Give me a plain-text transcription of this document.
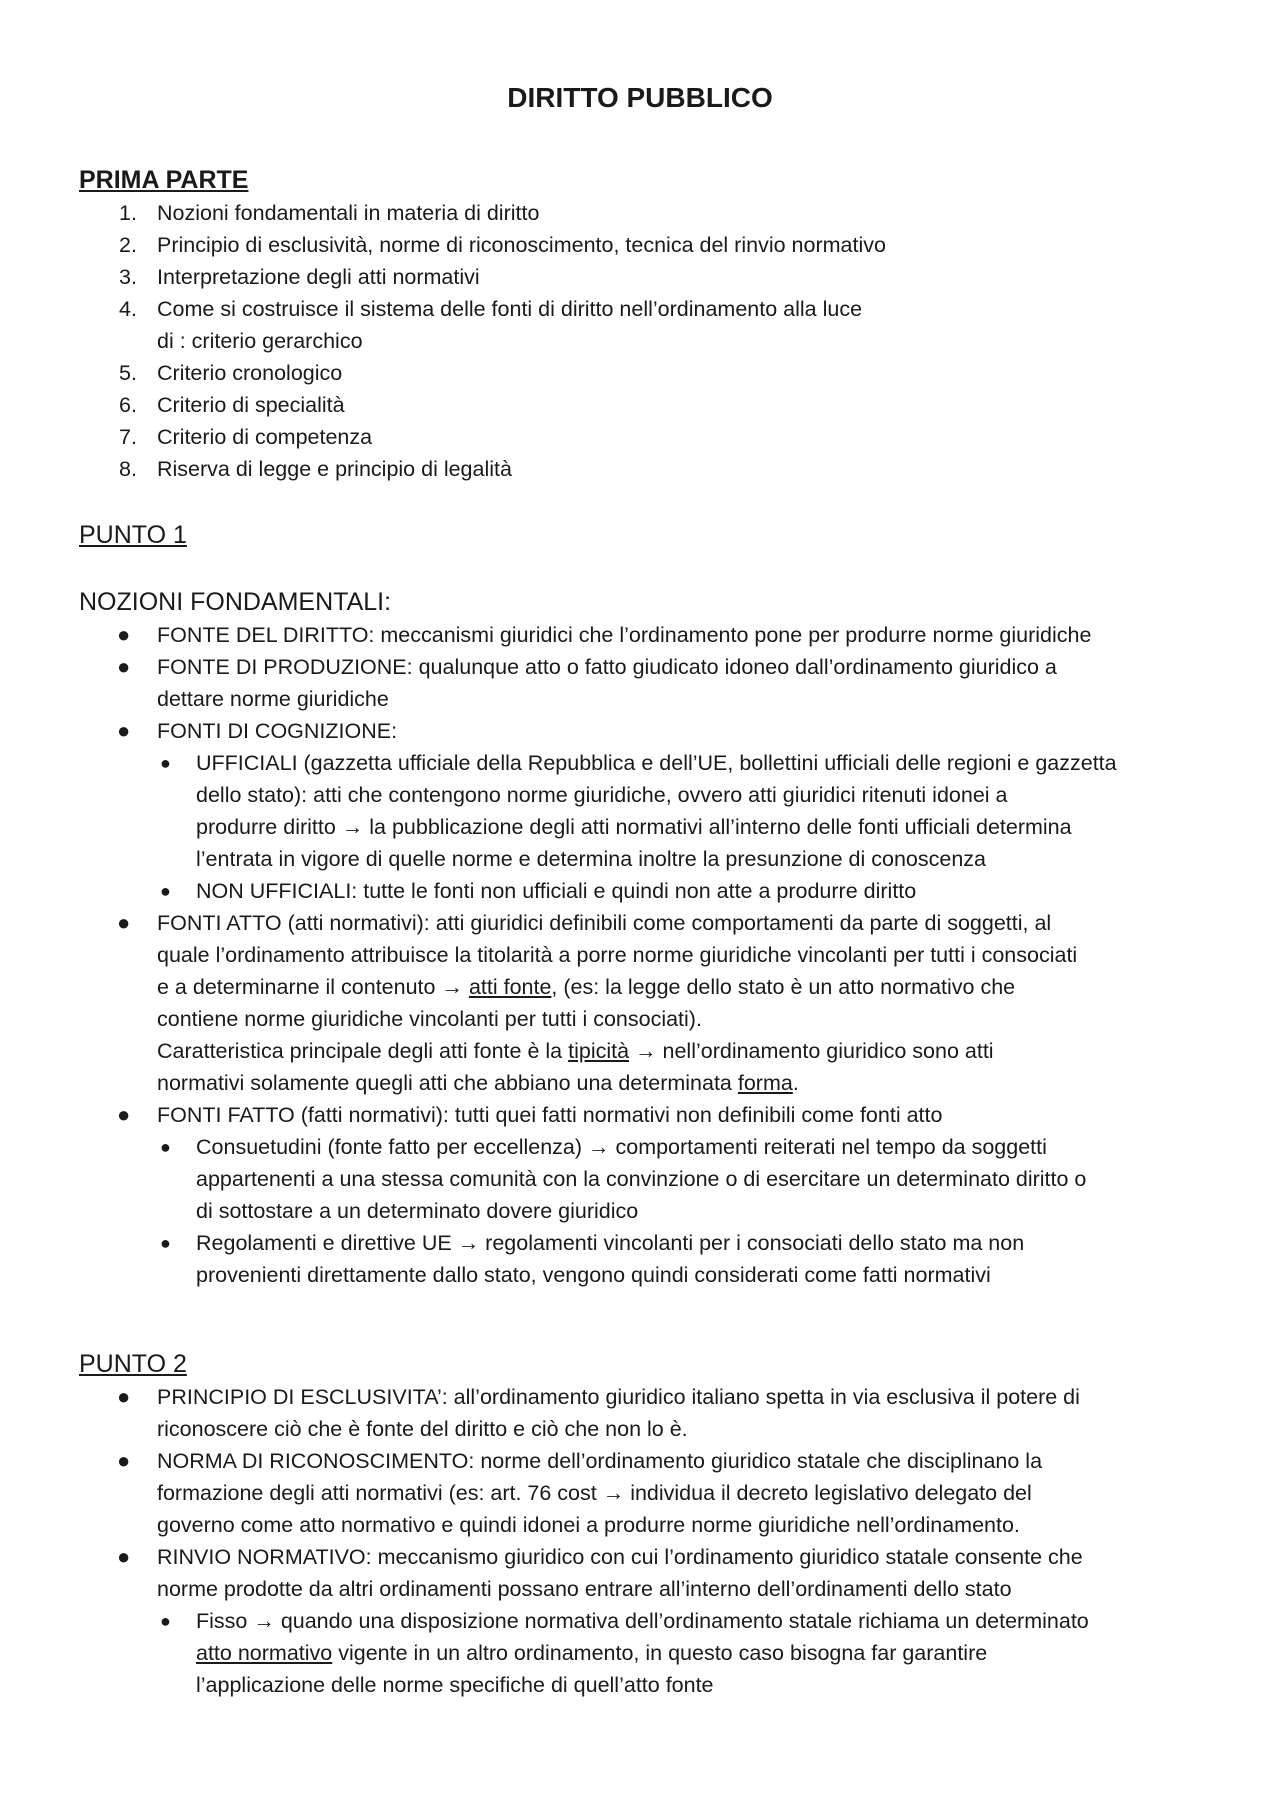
DIRITTO PUBBLICO
PRIMA PARTE
1. Nozioni fondamentali in materia di diritto
2. Principio di esclusività, norme di riconoscimento, tecnica del rinvio normativo
3. Interpretazione degli atti normativi
4. Come si costruisce il sistema delle fonti di diritto nell’ordinamento alla luce
di : criterio gerarchico
5. Criterio cronologico
6. Criterio di specialità
7. Criterio di competenza
8. Riserva di legge e principio di legalità
PUNTO 1
NOZIONI FONDAMENTALI:
● FONTE DEL DIRITTO: meccanismi giuridici che l’ordinamento pone per produrre norme giuridiche
● FONTE DI PRODUZIONE: qualunque atto o fatto giudicato idoneo dall’ordinamento giuridico a
dettare norme giuridiche
● FONTI DI COGNIZIONE:
● UFFICIALI (gazzetta ufficiale della Repubblica e dell’UE, bollettini ufficiali delle regioni e gazzetta
dello stato): atti che contengono norme giuridiche, ovvero atti giuridici ritenuti idonei a
produrre diritto → la pubblicazione degli atti normativi all’interno delle fonti ufficiali determina
l’entrata in vigore di quelle norme e determina inoltre la presunzione di conoscenza
● NON UFFICIALI: tutte le fonti non ufficiali e quindi non atte a produrre diritto
● FONTI ATTO (atti normativi): atti giuridici definibili come comportamenti da parte di soggetti, al
quale l’ordinamento attribuisce la titolarità a porre norme giuridiche vincolanti per tutti i consociati
e a determinarne il contenuto → atti fonte, (es: la legge dello stato è un atto normativo che
contiene norme giuridiche vincolanti per tutti i consociati).
Caratteristica principale degli atti fonte è la tipicità → nell’ordinamento giuridico sono atti
normativi solamente quegli atti che abbiano una determinata forma.
● FONTI FATTO (fatti normativi): tutti quei fatti normativi non definibili come fonti atto
● Consuetudini (fonte fatto per eccellenza) → comportamenti reiterati nel tempo da soggetti
appartenenti a una stessa comunità con la convinzione o di esercitare un determinato diritto o
di sottostare a un determinato dovere giuridico
● Regolamenti e direttive UE → regolamenti vincolanti per i consociati dello stato ma non
provenienti direttamente dallo stato, vengono quindi considerati come fatti normativi
PUNTO 2
● PRINCIPIO DI ESCLUSIVITA’: all’ordinamento giuridico italiano spetta in via esclusiva il potere di
riconoscere ciò che è fonte del diritto e ciò che non lo è.
● NORMA DI RICONOSCIMENTO: norme dell’ordinamento giuridico statale che disciplinano la
formazione degli atti normativi (es: art. 76 cost → individua il decreto legislativo delegato del
governo come atto normativo e quindi idonei a produrre norme giuridiche nell’ordinamento.
● RINVIO NORMATIVO: meccanismo giuridico con cui l’ordinamento giuridico statale consente che
norme prodotte da altri ordinamenti possano entrare all’interno dell’ordinamenti dello stato
● Fisso → quando una disposizione normativa dell’ordinamento statale richiama un determinato
atto normativo vigente in un altro ordinamento, in questo caso bisogna far garantire
l’applicazione delle norme specifiche di quell’atto fonte
